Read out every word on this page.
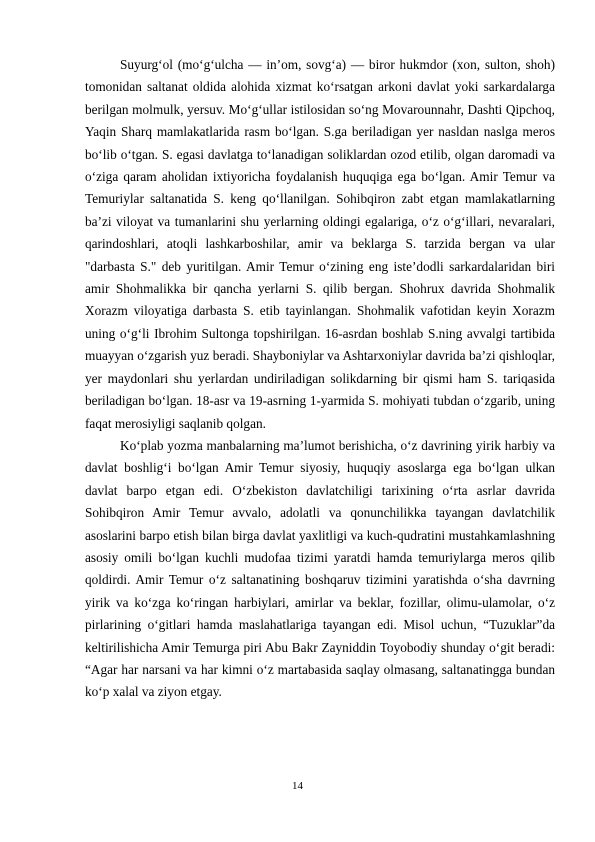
Suyurg‘ol (mo‘g‘ulcha — in’om, sovg‘a) — biror hukmdor (xon, sulton, shoh) tomonidan saltanat oldida alohida xizmat ko‘rsatgan arkoni davlat yoki sarkardalarga berilgan molmulk, yersuv. Mo‘g‘ullar istilosidan so‘ng Movarounnahr, Dashti Qipchoq, Yaqin Sharq mamlakatlarida rasm bo‘lgan. S.ga beriladigan yer nasldan naslga meros bo‘lib o‘tgan. S. egasi davlatga to‘lanadigan soliklardan ozod etilib, olgan daromadi va o‘ziga qaram aholidan ixtiyoricha foydalanish huquqiga ega bo‘lgan. Amir Temur va Temuriylar saltanatida S. keng qo‘llanilgan. Sohibqiron zabt etgan mamlakatlarning ba’zi viloyat va tumanlarini shu yerlarning oldingi egalariga, o‘z o‘g‘illari, nevaralari, qarindoshlari, atoqli lashkarboshilar, amir va beklarga S. tarzida bergan va ular "darbasta S." deb yuritilgan. Amir Temur o‘zining eng iste’dodli sarkardalaridan biri amir Shohmalikka bir qancha yerlarni S. qilib bergan. Shohrux davrida Shohmalik Xorazm viloyatiga darbasta S. etib tayinlangan. Shohmalik vafotidan keyin Xorazm uning o‘g‘li Ibrohim Sultonga topshirilgan. 16-asrdan boshlab S.ning avvalgi tartibida muayyan o‘zgarish yuz beradi. Shayboniylar va Ashtarxoniylar davrida ba’zi qishloqlar, yer maydonlari shu yerlardan undiriladigan solikdarning bir qismi ham S. tariqasida beriladigan bo‘lgan. 18-asr va 19-asrning 1-yarmida S. mohiyati tubdan o‘zgarib, uning faqat merosiyligi saqlanib qolgan.

Ko‘plab yozma manbalarning ma’lumot berishicha, o‘z davrining yirik harbiy va davlat boshlig‘i bo‘lgan Amir Temur siyosiy, huquqiy asoslarga ega bo‘lgan ulkan davlat barpo etgan edi. O‘zbekiston davlatchiligi tarixining o‘rta asrlar davrida Sohibqiron Amir Temur avvalo, adolatli va qonunchilikka tayangan davlatchilik asoslarini barpo etish bilan birga davlat yaxlitligi va kuch-qudratini mustahkamlashning asosiy omili bo‘lgan kuchli mudofaa tizimi yaratdi hamda temuriylarga meros qilib qoldirdi. Amir Temur o‘z saltanatining boshqaruv tizimini yaratishda o‘sha davrning yirik va ko‘zga ko‘ringan harbiylari, amirlar va beklar, fozillar, olimu-ulamolar, o‘z pirlarining o‘gitlari hamda maslahatlariga tayangan edi. Misol uchun, “Tuzuklar”da keltirilishicha Amir Temurga piri Abu Bakr Zayniddin Toyobodiy shunday o‘git beradi: “Agar har narsani va har kimni o‘z martabasida saqlay olmasang, saltanatingga bundan ko‘p xalal va ziyon etgay.

14
